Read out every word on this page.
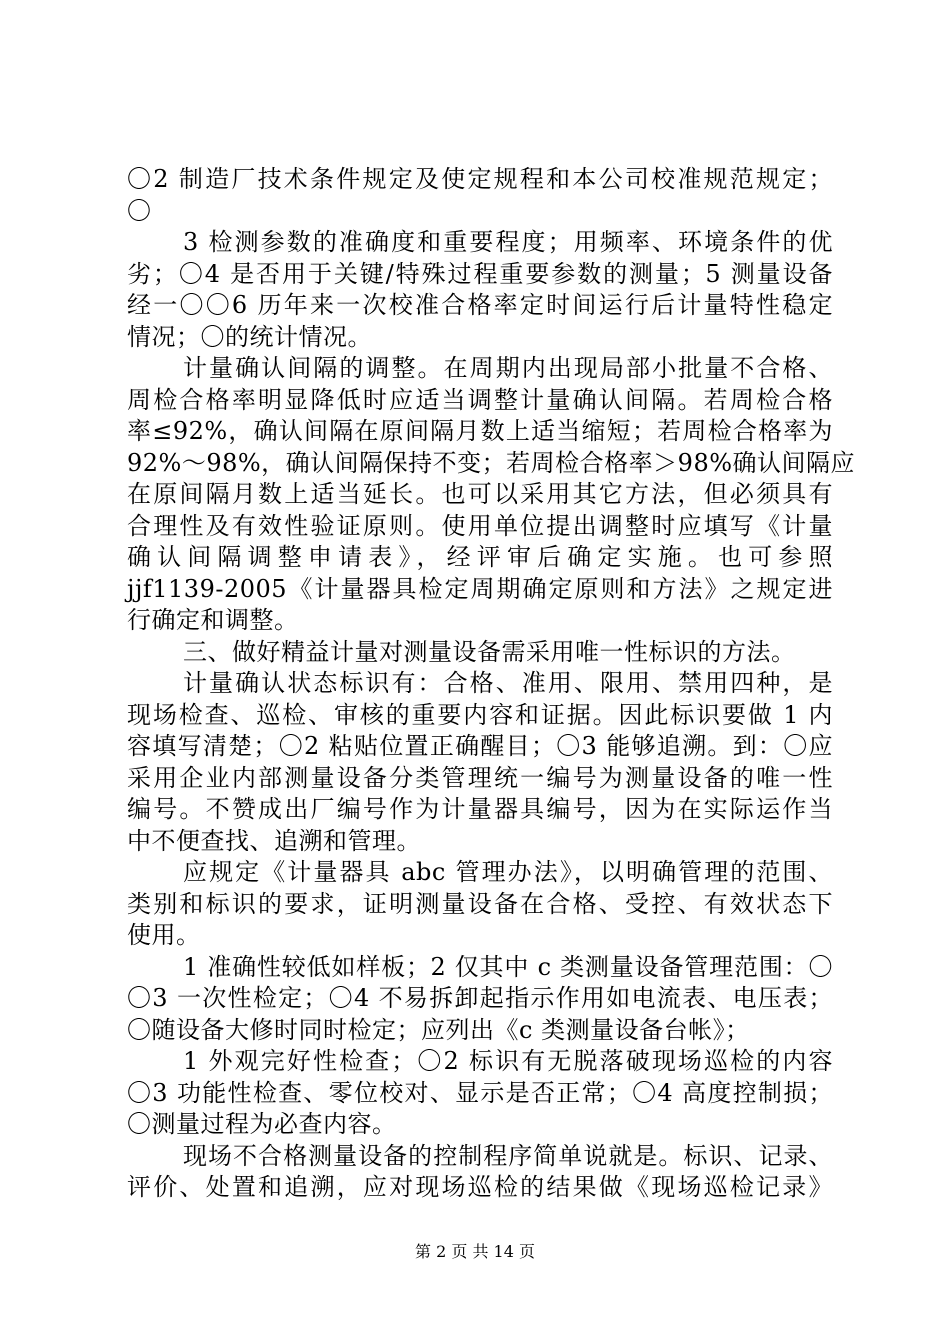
〇2 制造厂技术条件规定及使定规程和本公司校准规范规定；
〇
3 检测参数的准确度和重要程度；用频率、环境条件的优
劣；〇4 是否用于关键/特殊过程重要参数的测量；5 测量设备
经一〇〇6 历年来一次校准合格率定时间运行后计量特性稳定
情况；〇的统计情况。
计量确认间隔的调整。在周期内出现局部小批量不合格、
周检合格率明显降低时应适当调整计量确认间隔。若周检合格
率≤92%，确认间隔在原间隔月数上适当缩短；若周检合格率为
92%～98%，确认间隔保持不变；若周检合格率＞98%确认间隔应
在原间隔月数上适当延长。也可以采用其它方法，但必须具有
合理性及有效性验证原则。使用单位提出调整时应填写《计量
确认间隔调整申请表》，经评审后确定实施。也可参照
jjf1139-2005《计量器具检定周期确定原则和方法》之规定进
行确定和调整。
三、做好精益计量对测量设备需采用唯一性标识的方法。
计量确认状态标识有：合格、准用、限用、禁用四种，是
现场检查、巡检、审核的重要内容和证据。因此标识要做 1 内
容填写清楚；〇2 粘贴位置正确醒目；〇3 能够追溯。到：〇应
采用企业内部测量设备分类管理统一编号为测量设备的唯一性
编号。不赞成出厂编号作为计量器具编号，因为在实际运作当
中不便查找、追溯和管理。
应规定《计量器具 abc 管理办法》，以明确管理的范围、
类别和标识的要求，证明测量设备在合格、受控、有效状态下
使用。
1 准确性较低如样板；2 仅其中 c 类测量设备管理范围：〇
〇3 一次性检定；〇4 不易拆卸起指示作用如电流表、电压表；
〇随设备大修时同时检定；应列出《c 类测量设备台帐》；
1 外观完好性检查；〇2 标识有无脱落破现场巡检的内容
〇3 功能性检查、零位校对、显示是否正常；〇4 高度控制损；
〇测量过程为必查内容。
现场不合格测量设备的控制程序简单说就是。标识、记录、
评价、处置和追溯，应对现场巡检的结果做《现场巡检记录》
第 2 页 共 14 页
